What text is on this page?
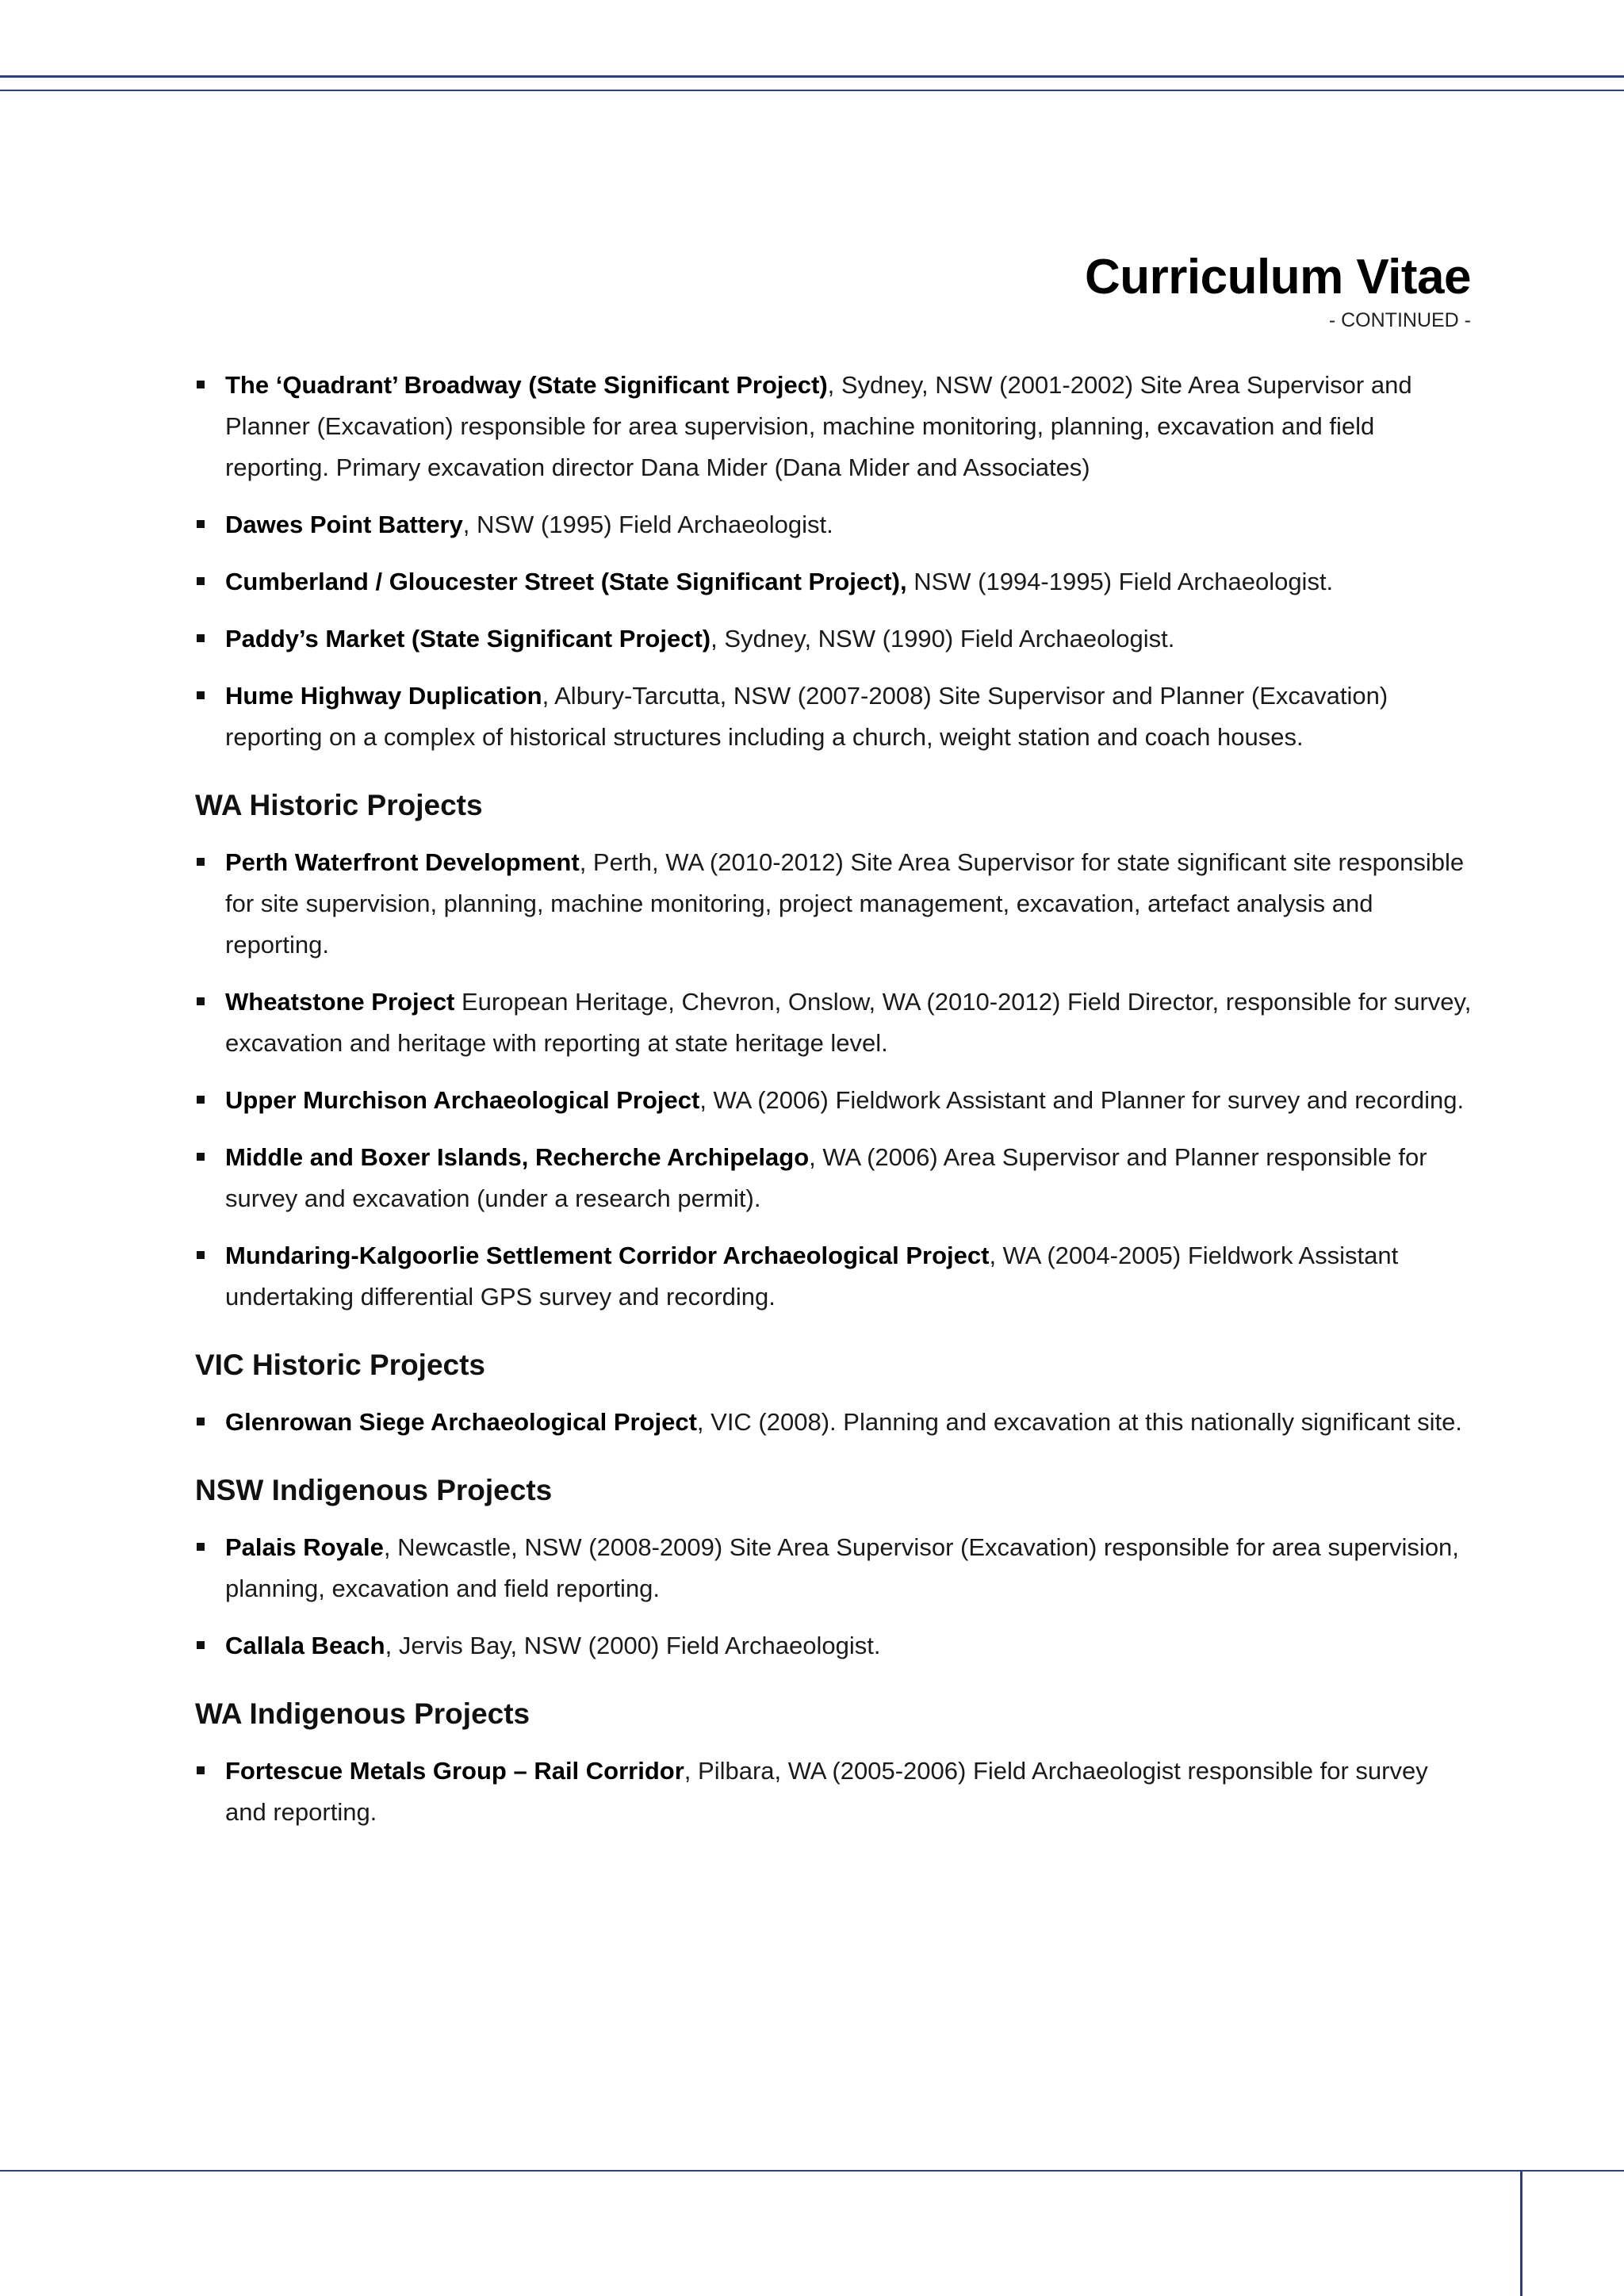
Curriculum Vitae
- CONTINUED -
The ‘Quadrant’ Broadway (State Significant Project), Sydney, NSW (2001-2002) Site Area Supervisor and Planner (Excavation) responsible for area supervision, machine monitoring, planning, excavation and field reporting. Primary excavation director Dana Mider (Dana Mider and Associates)
Dawes Point Battery, NSW (1995) Field Archaeologist.
Cumberland / Gloucester Street (State Significant Project), NSW (1994-1995) Field Archaeologist.
Paddy’s Market (State Significant Project), Sydney, NSW (1990) Field Archaeologist.
Hume Highway Duplication, Albury-Tarcutta, NSW (2007-2008) Site Supervisor and Planner (Excavation) reporting on a complex of historical structures including a church, weight station and coach houses.
WA Historic Projects
Perth Waterfront Development, Perth, WA (2010-2012) Site Area Supervisor for state significant site responsible for site supervision, planning, machine monitoring, project management, excavation, artefact analysis and reporting.
Wheatstone Project European Heritage, Chevron, Onslow, WA (2010-2012) Field Director, responsible for survey, excavation and heritage with reporting at state heritage level.
Upper Murchison Archaeological Project, WA (2006) Fieldwork Assistant and Planner for survey and recording.
Middle and Boxer Islands, Recherche Archipelago, WA (2006) Area Supervisor and Planner responsible for survey and excavation (under a research permit).
Mundaring-Kalgoorlie Settlement Corridor Archaeological Project, WA (2004-2005) Fieldwork Assistant undertaking differential GPS survey and recording.
VIC Historic Projects
Glenrowan Siege Archaeological Project, VIC (2008). Planning and excavation at this nationally significant site.
NSW Indigenous Projects
Palais Royale, Newcastle, NSW (2008-2009) Site Area Supervisor (Excavation) responsible for area supervision, planning, excavation and field reporting.
Callala Beach, Jervis Bay, NSW (2000) Field Archaeologist.
WA Indigenous Projects
Fortescue Metals Group – Rail Corridor, Pilbara, WA (2005-2006) Field Archaeologist responsible for survey and reporting.
